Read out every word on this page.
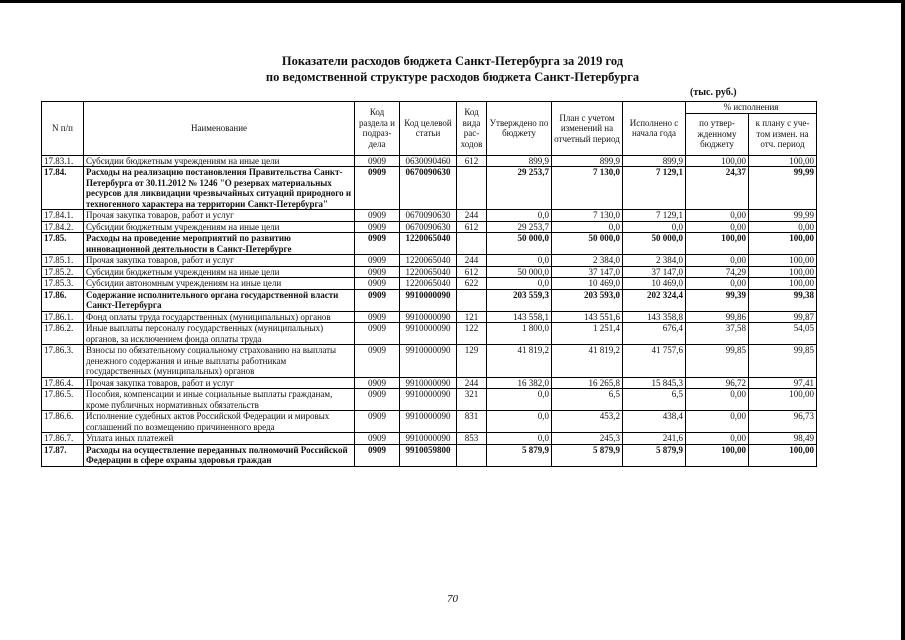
Показатели расходов бюджета Санкт-Петербурга за 2019 год
по ведомственной структуре расходов бюджета Санкт-Петербурга
(тыс. руб.)
N п/п	Наименование	Код раздела и подраз-дела	Код целевой статьи	Код вида рас-ходов	Утверждено по бюджету	План с учетом изменений на отчетный период	Исполнено с начала года	% исполнения	
								по утвер-жденному бюджету	к плану с уче-том измен. на отч. период
17.83.1.	Субсидии бюджетным учреждениям на иные цели	0909	0630090460	612	899,9	899,9	899,9	100,00	100,00
17.84.	Расходы на реализацию постановления Правительства Санкт-Петербурга от 30.11.2012 № 1246 "О резервах материальных ресурсов для ликвидации чрезвычайных ситуаций природного и техногенного характера на территории Санкт-Петербурга"	0909	0670090630		29 253,7	7 130,0	7 129,1	24,37	99,99
17.84.1.	Прочая закупка товаров, работ и услуг	0909	0670090630	244	0,0	7 130,0	7 129,1	0,00	99,99
17.84.2.	Субсидии бюджетным учреждениям на иные цели	0909	0670090630	612	29 253,7	0,0	0,0	0,00	0,00
17.85.	Расходы на проведение мероприятий по развитию инновационной деятельности в Санкт-Петербурге	0909	1220065040		50 000,0	50 000,0	50 000,0	100,00	100,00
17.85.1.	Прочая закупка товаров, работ и услуг	0909	1220065040	244	0,0	2 384,0	2 384,0	0,00	100,00
17.85.2.	Субсидии бюджетным учреждениям на иные цели	0909	1220065040	612	50 000,0	37 147,0	37 147,0	74,29	100,00
17.85.3.	Субсидии автономным учреждениям на иные цели	0909	1220065040	622	0,0	10 469,0	10 469,0	0,00	100,00
17.86.	Содержание исполнительного органа государственной власти Санкт-Петербурга	0909	9910000090		203 559,3	203 593,0	202 324,4	99,39	99,38
17.86.1.	Фонд оплаты труда государственных (муниципальных) органов	0909	9910000090	121	143 558,1	143 551,6	143 358,8	99,86	99,87
17.86.2.	Иные выплаты персоналу государственных (муниципальных) органов, за исключением фонда оплаты труда	0909	9910000090	122	1 800,0	1 251,4	676,4	37,58	54,05
17.86.3.	Взносы по обязательному социальному страхованию на выплаты денежного содержания и иные выплаты работникам государственных (муниципальных) органов	0909	9910000090	129	41 819,2	41 819,2	41 757,6	99,85	99,85
17.86.4.	Прочая закупка товаров, работ и услуг	0909	9910000090	244	16 382,0	16 265,8	15 845,3	96,72	97,41
17.86.5.	Пособия, компенсации и иные социальные выплаты гражданам, кроме публичных нормативных обязательств	0909	9910000090	321	0,0	6,5	6,5	0,00	100,00
17.86.6.	Исполнение судебных актов Российской Федерации и мировых соглашений по возмещению причиненного вреда	0909	9910000090	831	0,0	453,2	438,4	0,00	96,73
17.86.7.	Уплата иных платежей	0909	9910000090	853	0,0	245,3	241,6	0,00	98,49
17.87.	Расходы на осуществление переданных полномочий Российской Федерации в сфере охраны здоровья граждан	0909	9910059800		5 879,9	5 879,9	5 879,9	100,00	100,00
70
